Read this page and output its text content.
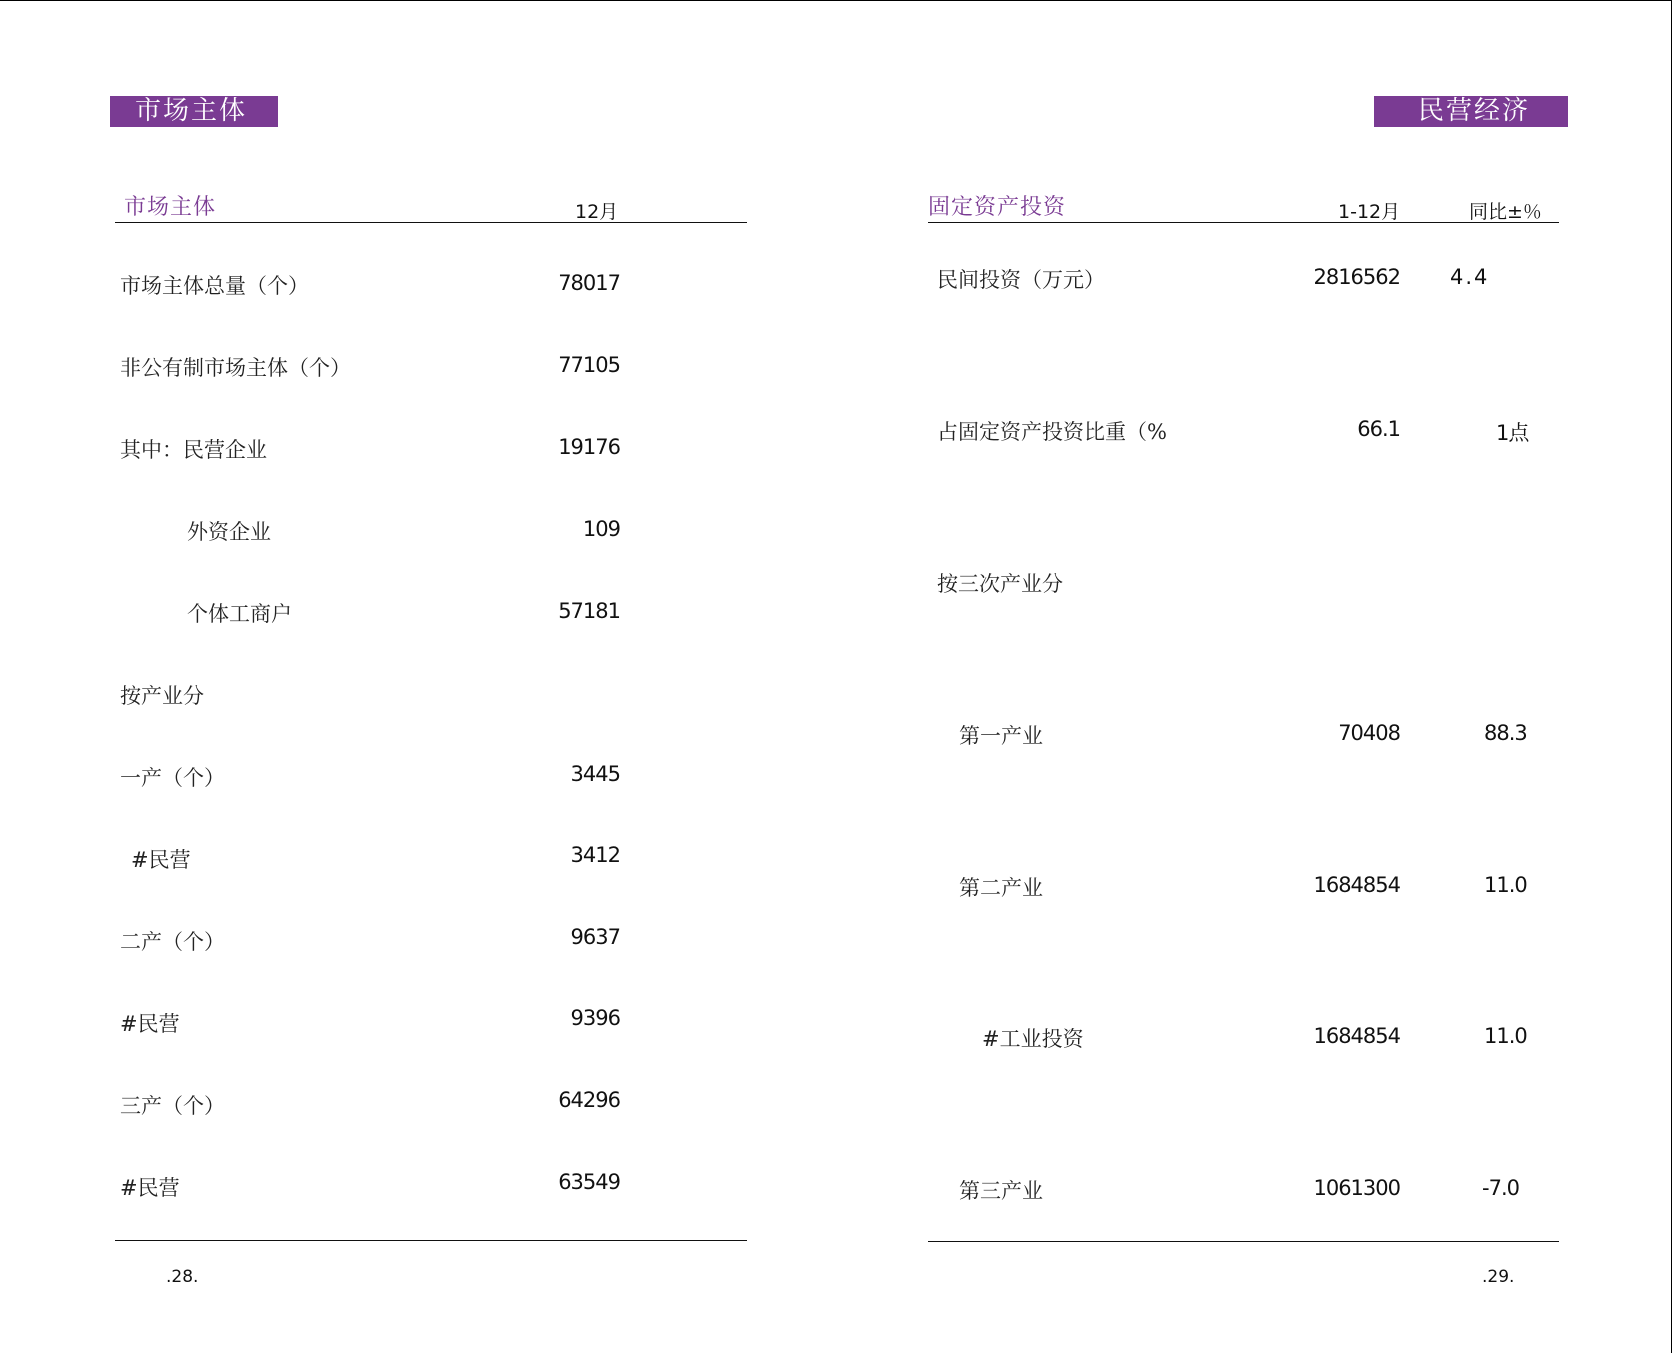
市场主体
市场主体	12月
市场主体总量（个）	78017
非公有制市场主体（个）	77105
其中：民营企业	19176
外资企业	109
个体工商户	57181
按产业分
一产（个）	3445
#民营	3412
二产（个）	9637
#民营	9396
三产（个）	64296
#民营	63549
.28.
民营经济
固定资产投资	1-12月	同比±％
民间投资（万元）	2816562 4.4
占固定资产投资比重（%	66.1	1点
按三次产业分
第一产业	70408	88.3
第二产业	1684854	11.0
#工业投资	1684854	11.0
第三产业	1061300	-7.0
.29.
